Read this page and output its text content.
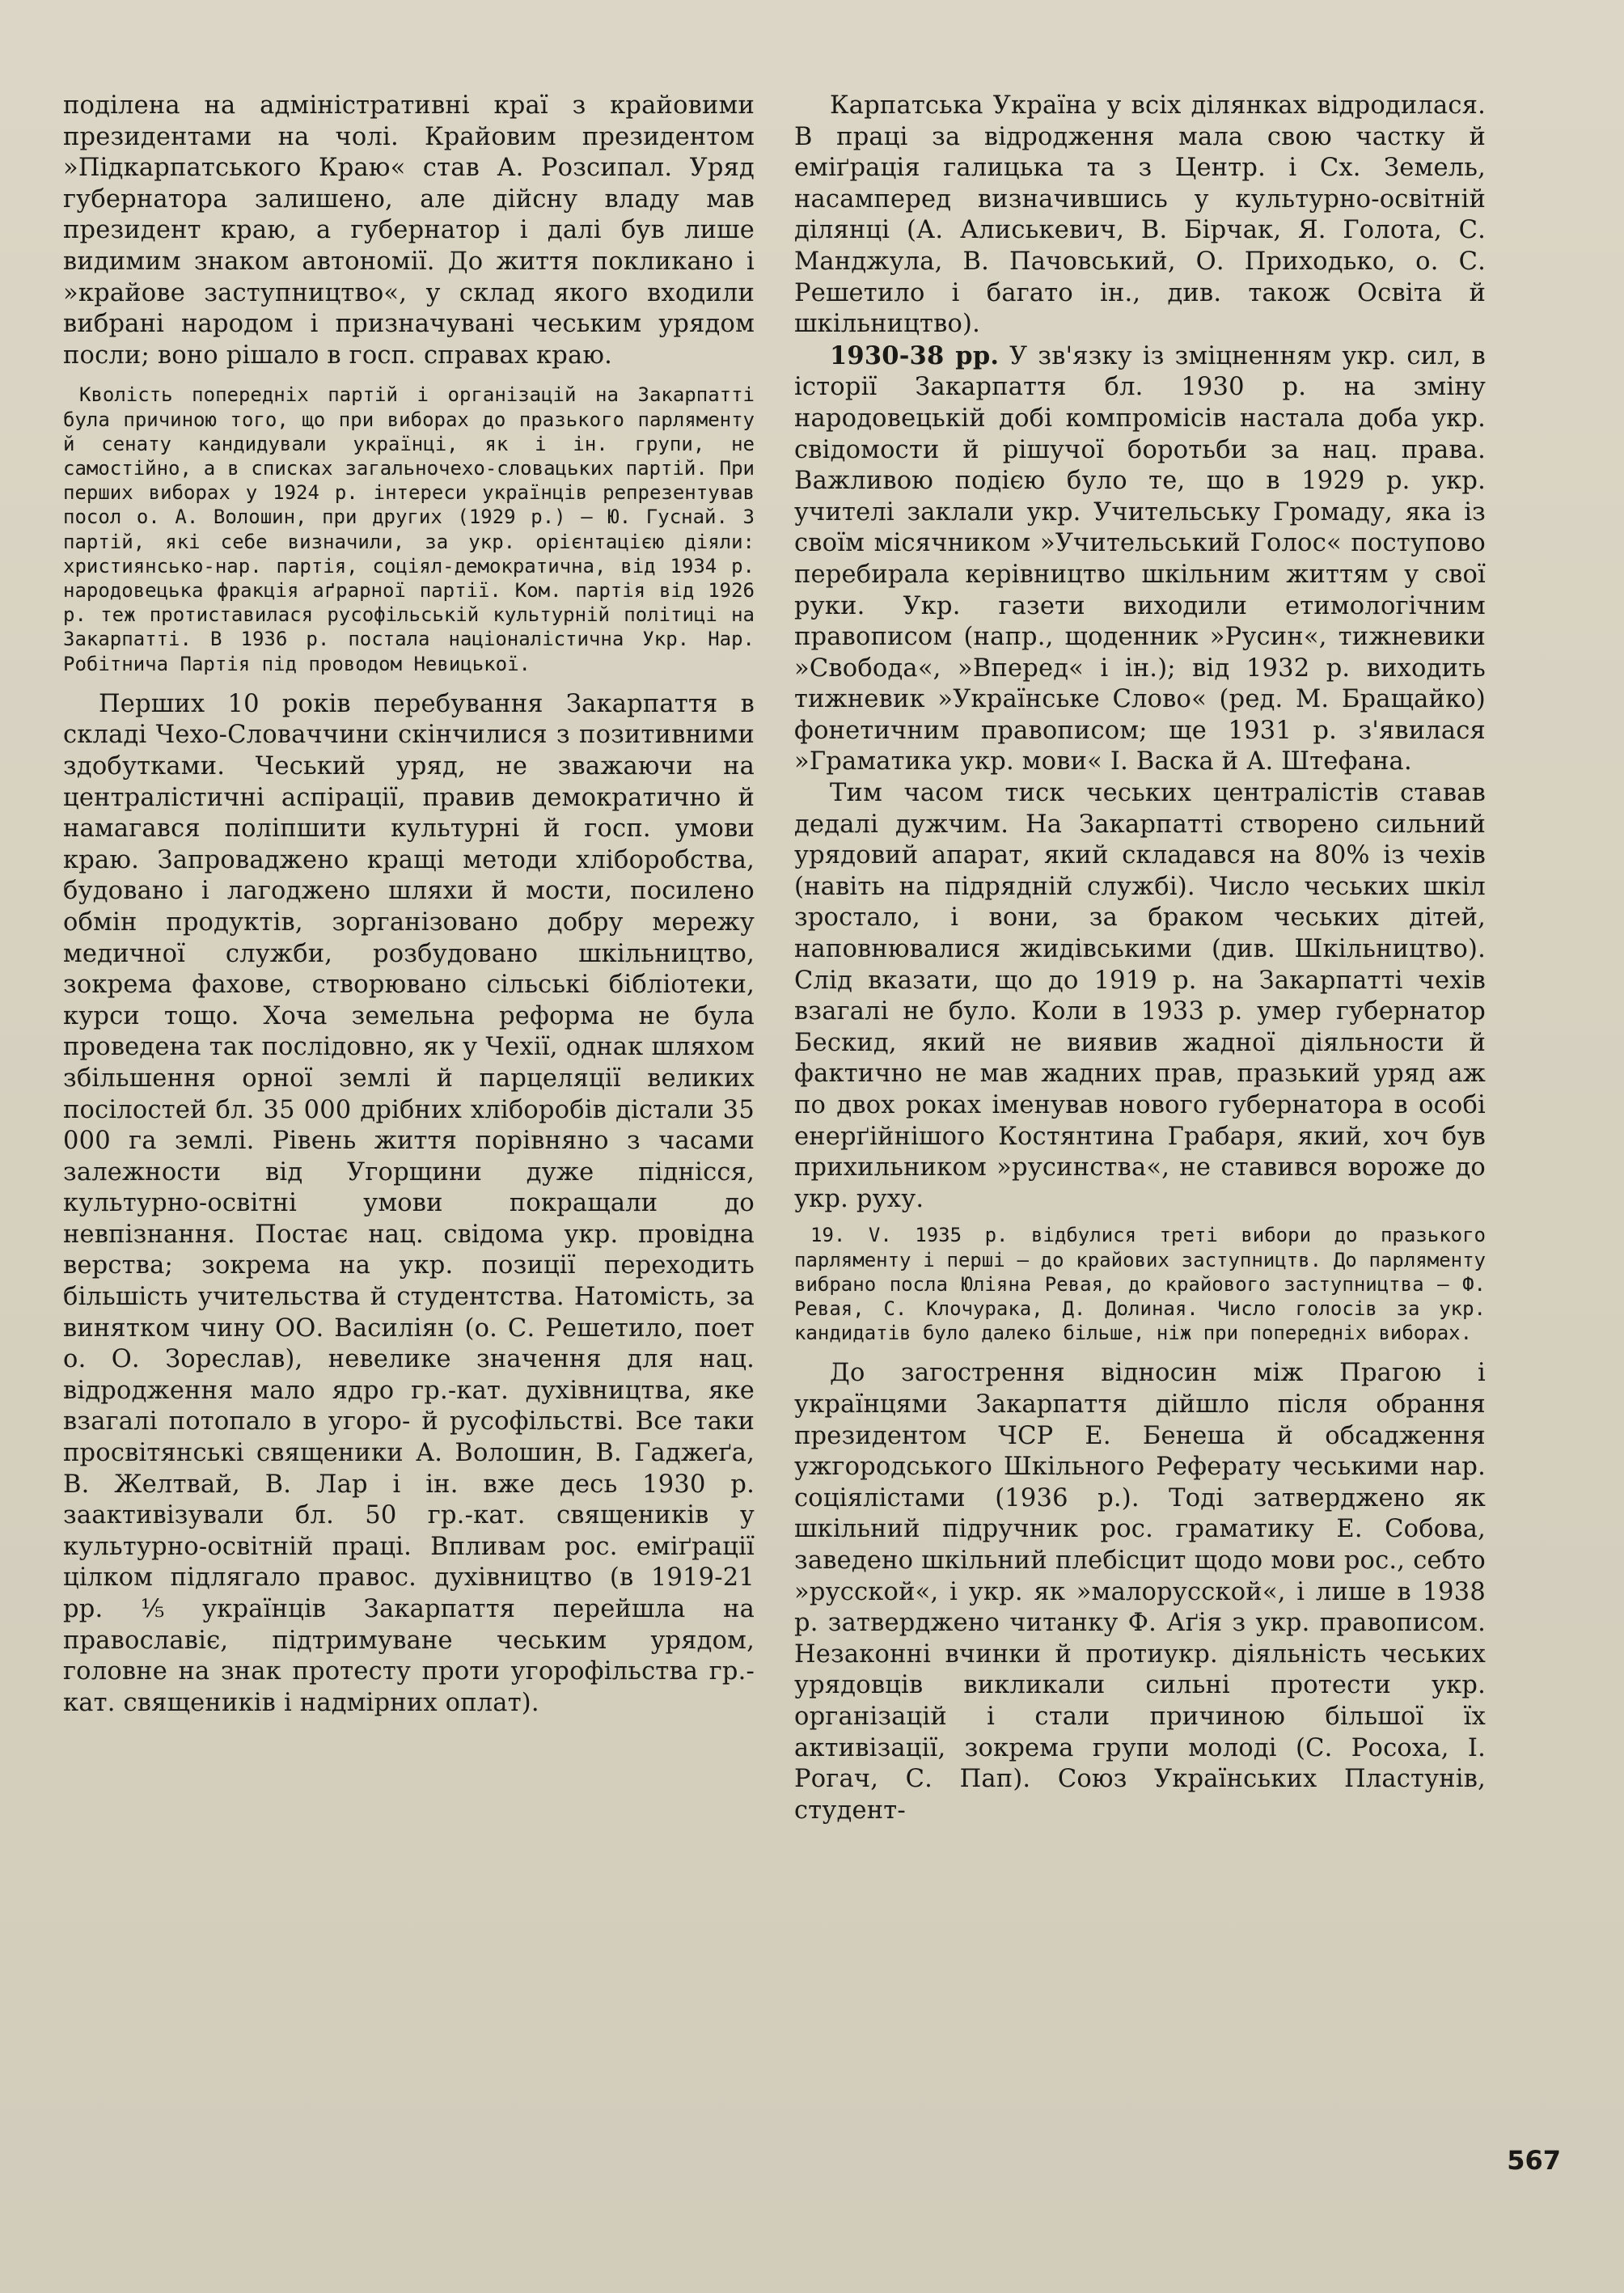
поділена на адміністративні краї з крайовими президентами на чолі. Крайовим президентом »Підкарпатського Краю« став А. Розсипал. Уряд губернатора залишено, але дійсну владу мав президент краю, а губернатор і далі був лише видимим знаком автономії. До життя покликано і »крайове заступництво«, у склад якого входили вибрані народом і призначувані чеським урядом посли; воно рішало в госп. справах краю.

Кволість попередніх партій і організацій на Закарпатті була причиною того, що при виборах до празького парляменту й сенату кандидували українці, як і ін. групи, не самостійно, а в списках загальночехо-словацьких партій. При перших виборах у 1924 р. інтереси українців репрезентував посол о. А. Волошин, при других (1929 р.) — Ю. Гуснай. З партій, які себе визначили, за укр. орієнтацією діяли: християнсько-нар. партія, соціял-демократична, від 1934 р. народовецька фракція аґрарної партії. Ком. партія від 1926 р. теж протиставилася русофільській культурній політиці на Закарпатті. В 1936 р. постала націоналістична Укр. Нар. Робітнича Партія під проводом Невицької.

Перших 10 років перебування Закарпаття в складі Чехо-Словаччини скінчилися з позитивними здобутками. Чеський уряд, не зважаючи на централістичні аспірації, правив демократично й намагався поліпшити культурні й госп. умови краю. Запроваджено кращі методи хліборобства, будовано і лагоджено шляхи й мости, посилено обмін продуктів, зорганізовано добру мережу медичної служби, розбудовано шкільництво, зокрема фахове, створювано сільські бібліотеки, курси тощо. Хоча земельна реформа не була проведена так послідовно, як у Чехії, однак шляхом збільшення орної землі й парцеляції великих посілостей бл. 35 000 дрібних хліборобів дістали 35 000 га землі. Рівень життя порівняно з часами залежности від Угорщини дуже піднісся, культурно-освітні умови покращали до невпізнання. Постає нац. свідома укр. провідна верства; зокрема на укр. позиції переходить більшість учительства й студентства. Натомість, за винятком чину ОО. Василіян (о. С. Решетило, поет о. О. Зореслав), невелике значення для нац. відродження мало ядро гр.-кат. духівництва, яке взагалі потопало в угоро- й русофільстві. Все таки просвітянські священики А. Волошин, В. Гаджеґа, В. Желтвай, В. Лар і ін. вже десь 1930 р. заактивізували бл. 50 гр.-кат. священиків у культурно-освітній праці. Впливам рос. еміґрації цілком підлягало правос. духівництво (в 1919-21 рр. ⅕ українців Закарпаття перейшла на православіє, підтримуване чеським урядом, головне на знак протесту проти угорофільства гр.-кат. священиків і надмірних оплат).

Карпатська Україна у всіх ділянках відродилася. В праці за відродження мала свою частку й еміґрація галицька та з Центр. і Сх. Земель, насамперед визначившись у культурно-освітній ділянці (А. Алиськевич, В. Бірчак, Я. Голота, С. Манджула, В. Пачовський, О. Приходько, о. С. Решетило і багато ін., див. також Освіта й шкільництво).

1930-38 рр. У зв'язку із зміцненням укр. сил, в історії Закарпаття бл. 1930 р. на зміну народовецькій добі компромісів настала доба укр. свідомости й рішучої боротьби за нац. права. Важливою подією було те, що в 1929 р. укр. учителі заклали укр. Учительську Громаду, яка із своїм місячником »Учительський Голос« поступово перебирала керівництво шкільним життям у свої руки. Укр. газети виходили етимологічним правописом (напр., щоденник »Русин«, тижневики »Свобода«, »Вперед« і ін.); від 1932 р. виходить тижневик »Українське Слово« (ред. М. Бращайко) фонетичним правописом; ще 1931 р. з'явилася »Граматика укр. мови« І. Васка й А. Штефана.

Тим часом тиск чеських централістів ставав дедалі дужчим. На Закарпатті створено сильний урядовий апарат, який складався на 80% із чехів (навіть на підрядній службі). Число чеських шкіл зростало, і вони, за браком чеських дітей, наповнювалися жидівськими (див. Шкільництво). Слід вказати, що до 1919 р. на Закарпатті чехів взагалі не було. Коли в 1933 р. умер губернатор Бескид, який не виявив жадної діяльности й фактично не мав жадних прав, празький уряд аж по двох роках іменував нового губернатора в особі енерґійнішого Костянтина Грабаря, який, хоч був прихильником »русинства«, не ставився вороже до укр. руху.

19. V. 1935 р. відбулися треті вибори до празького парляменту і перші — до крайових заступництв. До парляменту вибрано посла Юліяна Ревая, до крайового заступництва — Ф. Ревая, С. Клочурака, Д. Долиная. Число голосів за укр. кандидатів було далеко більше, ніж при попередніх виборах.

До загострення відносин між Прагою і українцями Закарпаття дійшло після обрання президентом ЧСР Е. Бенеша й обсадження ужгородського Шкільного Реферату чеськими нар. соціялістами (1936 р.). Тоді затверджено як шкільний підручник рос. граматику Е. Собова, заведено шкільний плебісцит щодо мови рос., себто »русской«, і укр. як »малорусской«, і лише в 1938 р. затверджено читанку Ф. Аґія з укр. правописом. Незаконні вчинки й протиукр. діяльність чеських урядовців викликали сильні протести укр. організацій і стали причиною більшої їх активізації, зокрема групи молоді (С. Росоха, І. Рогач, С. Пап). Союз Українських Пластунів, студент-

567
